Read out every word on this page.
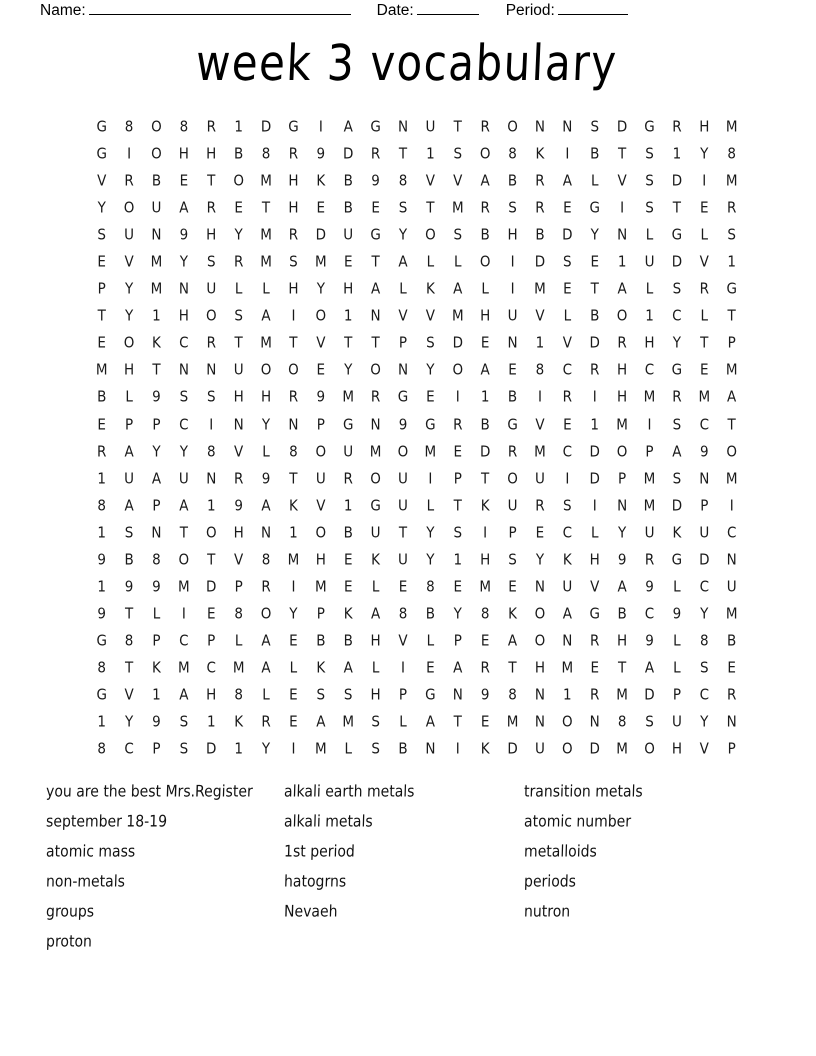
Name:	Date:	Period:
week 3 vocabulary
G	8	O	8	R	1	D	G	I	A	G	N	U	T	R	O	N	N	S	D	G	R	H	M
G	I	O	H	H	B	8	R	9	D	R	T	1	S	O	8	K	I	B	T	S	1	Y	8
V	R	B	E	T	O	M	H	K	B	9	8	V	V	A	B	R	A	L	V	S	D	I	M
Y	O	U	A	R	E	T	H	E	B	E	S	T	M	R	S	R	E	G	I	S	T	E	R
S	U	N	9	H	Y	M	R	D	U	G	Y	O	S	B	H	B	D	Y	N	L	G	L	S
E	V	M	Y	S	R	M	S	M	E	T	A	L	L	O	I	D	S	E	1	U	D	V	1
P	Y	M	N	U	L	L	H	Y	H	A	L	K	A	L	I	M	E	T	A	L	S	R	G
T	Y	1	H	O	S	A	I	O	1	N	V	V	M	H	U	V	L	B	O	1	C	L	T
E	O	K	C	R	T	M	T	V	T	T	P	S	D	E	N	1	V	D	R	H	Y	T	P
M	H	T	N	N	U	O	O	E	Y	O	N	Y	O	A	E	8	C	R	H	C	G	E	M
B	L	9	S	S	H	H	R	9	M	R	G	E	I	1	B	I	R	I	H	M	R	M	A
E	P	P	C	I	N	Y	N	P	G	N	9	G	R	B	G	V	E	1	M	I	S	C	T
R	A	Y	Y	8	V	L	8	O	U	M	O	M	E	D	R	M	C	D	O	P	A	9	O
1	U	A	U	N	R	9	T	U	R	O	U	I	P	T	O	U	I	D	P	M	S	N	M
8	A	P	A	1	9	A	K	V	1	G	U	L	T	K	U	R	S	I	N	M	D	P	I
1	S	N	T	O	H	N	1	O	B	U	T	Y	S	I	P	E	C	L	Y	U	K	U	C
9	B	8	O	T	V	8	M	H	E	K	U	Y	1	H	S	Y	K	H	9	R	G	D	N
1	9	9	M	D	P	R	I	M	E	L	E	8	E	M	E	N	U	V	A	9	L	C	U
9	T	L	I	E	8	O	Y	P	K	A	8	B	Y	8	K	O	A	G	B	C	9	Y	M
G	8	P	C	P	L	A	E	B	B	H	V	L	P	E	A	O	N	R	H	9	L	8	B
8	T	K	M	C	M	A	L	K	A	L	I	E	A	R	T	H	M	E	T	A	L	S	E
G	V	1	A	H	8	L	E	S	S	H	P	G	N	9	8	N	1	R	M	D	P	C	R
1	Y	9	S	1	K	R	E	A	M	S	L	A	T	E	M	N	O	N	8	S	U	Y	N
8	C	P	S	D	1	Y	I	M	L	S	B	N	I	K	D	U	O	D	M	O	H	V	P
you are the best Mrs.Register
september 18-19
atomic mass
non-metals
groups
proton
alkali earth metals
alkali metals
1st period
hatogrns
Nevaeh
transition metals
atomic number
metalloids
periods
nutron
